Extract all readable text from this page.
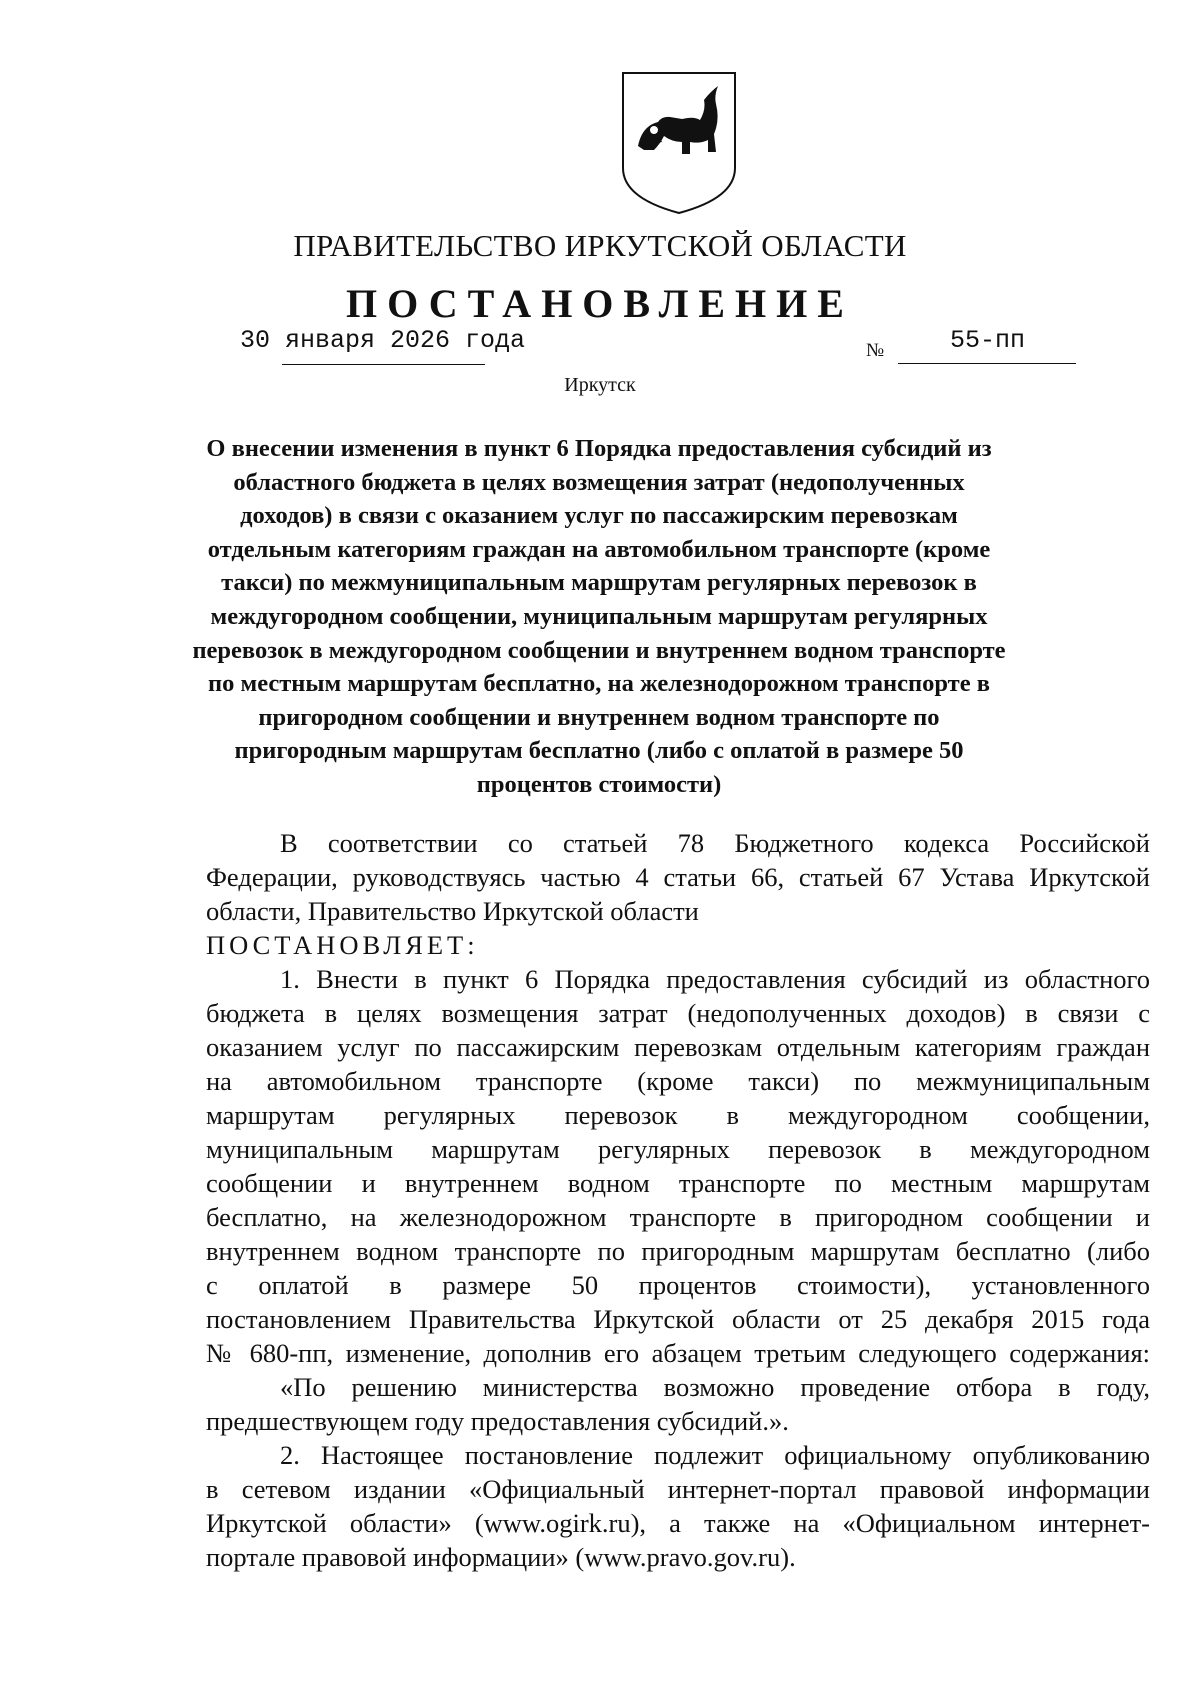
ПРАВИТЕЛЬСТВО ИРКУТСКОЙ ОБЛАСТИ
ПОСТАНОВЛЕНИЕ
30 января 2026 года	№	55-пп
Иркутск
О внесении изменения в пункт 6 Порядка предоставления субсидий из
областного бюджета в целях возмещения затрат (недополученных
доходов) в связи с оказанием услуг по пассажирским перевозкам
отдельным категориям граждан на автомобильном транспорте (кроме
такси) по межмуниципальным маршрутам регулярных перевозок в
междугородном сообщении, муниципальным маршрутам регулярных
перевозок в междугородном сообщении и внутреннем водном транспорте
по местным маршрутам бесплатно, на железнодорожном транспорте в
пригородном сообщении и внутреннем водном транспорте по
пригородным маршрутам бесплатно (либо с оплатой в размере 50
процентов стоимости)
В соответствии со статьей 78 Бюджетного кодекса Российской
Федерации, руководствуясь частью 4 статьи 66, статьей 67 Устава Иркутской
области, Правительство Иркутской области
ПОСТАНОВЛЯЕТ:
1. Внести в пункт 6 Порядка предоставления субсидий из областного
бюджета в целях возмещения затрат (недополученных доходов) в связи с
оказанием услуг по пассажирским перевозкам отдельным категориям граждан
на автомобильном транспорте (кроме такси) по межмуниципальным
маршрутам регулярных перевозок в междугородном сообщении,
муниципальным маршрутам регулярных перевозок в междугородном
сообщении и внутреннем водном транспорте по местным маршрутам
бесплатно, на железнодорожном транспорте в пригородном сообщении и
внутреннем водном транспорте по пригородным маршрутам бесплатно (либо
с оплатой в размере 50 процентов стоимости), установленного
постановлением Правительства Иркутской области от 25 декабря 2015 года
№ 680-пп, изменение, дополнив его абзацем третьим следующего содержания:
«По решению министерства возможно проведение отбора в году,
предшествующем году предоставления субсидий.».
2. Настоящее постановление подлежит официальному опубликованию
в сетевом издании «Официальный интернет-портал правовой информации
Иркутской области» (www.ogirk.ru), а также на «Официальном интернет-
портале правовой информации» (www.pravo.gov.ru).
